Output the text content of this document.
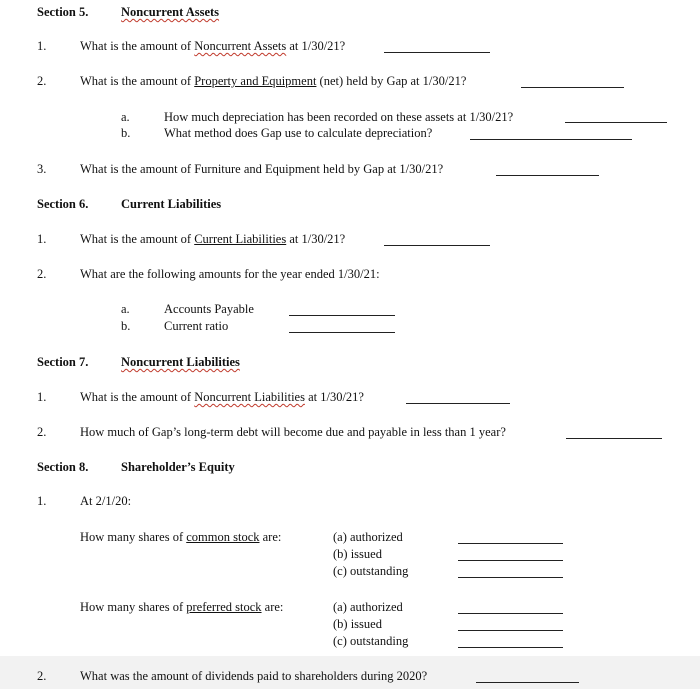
Section 5.	Noncurrent Assets
1.	What is the amount of Noncurrent Assets at 1/30/21?
2.	What is the amount of Property and Equipment (net) held by Gap at 1/30/21?
a.	How much depreciation has been recorded on these assets at 1/30/21?
b.	What method does Gap use to calculate depreciation?
3.	What is the amount of Furniture and Equipment held by Gap at 1/30/21?
Section 6.	Current Liabilities
1.	What is the amount of Current Liabilities at 1/30/21?
2.	What are the following amounts for the year ended 1/30/21:
a.	Accounts Payable
b.	Current ratio
Section 7.	Noncurrent Liabilities
1.	What is the amount of Noncurrent Liabilities at 1/30/21?
2.	How much of Gap’s long-term debt will become due and payable in less than 1 year?
Section 8.	Shareholder’s Equity
1.	At 2/1/20:
How many shares of common stock are:	(a) authorized
(b) issued
(c) outstanding
How many shares of preferred stock are:	(a) authorized
(b) issued
(c) outstanding
2.	What was the amount of dividends paid to shareholders during 2020?
